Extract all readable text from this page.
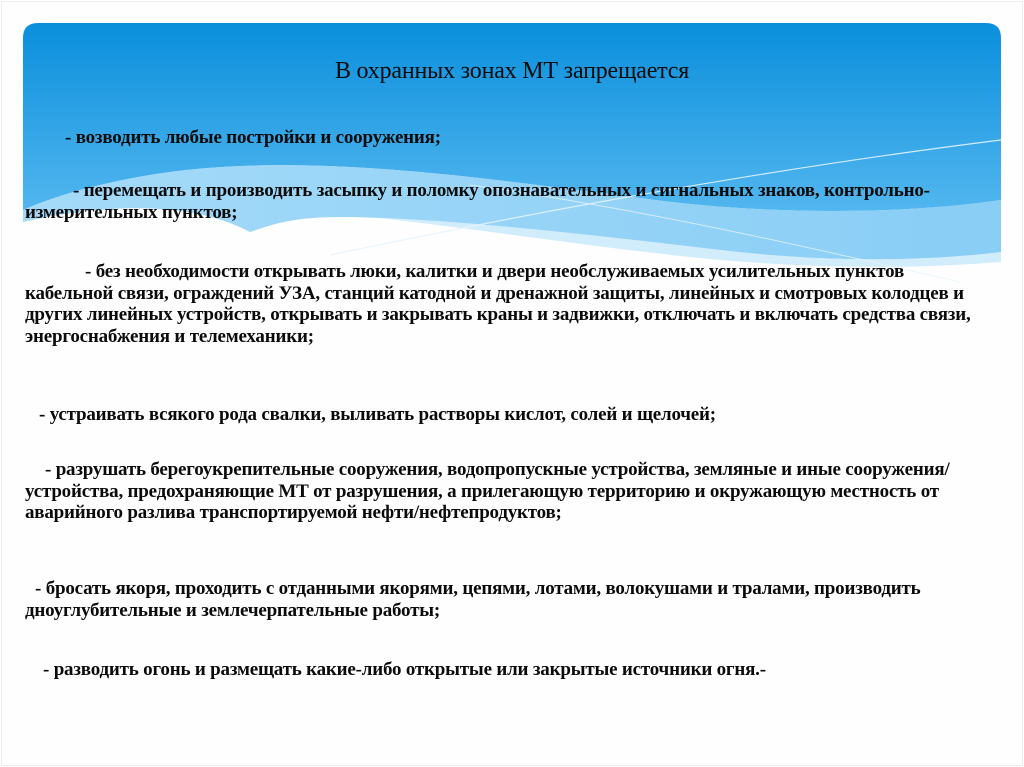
В охранных зонах МТ запрещается
- возводить любые постройки и сооружения;
- перемещать и производить засыпку и поломку опознавательных и сигнальных знаков, контрольно-измерительных пунктов;
- без необходимости открывать люки, калитки и двери необслуживаемых усилительных пунктов кабельной связи, ограждений УЗА, станций катодной и дренажной защиты, линейных и смотровых колодцев и других линейных устройств, открывать и закрывать краны и задвижки, отключать и включать средства связи, энергоснабжения и телемеханики;
- устраивать всякого рода свалки, выливать растворы кислот, солей и щелочей;
- разрушать берегоукрепительные сооружения, водопропускные устройства, земляные и иные сооружения/устройства, предохраняющие МТ от разрушения, а прилегающую территорию и окружающую местность от аварийного разлива транспортируемой нефти/нефтепродуктов;
- бросать якоря, проходить с отданными якорями, цепями, лотами, волокушами и тралами, производить дноуглубительные и землечерпательные работы;
- разводить огонь и размещать какие-либо открытые или закрытые источники огня.-
